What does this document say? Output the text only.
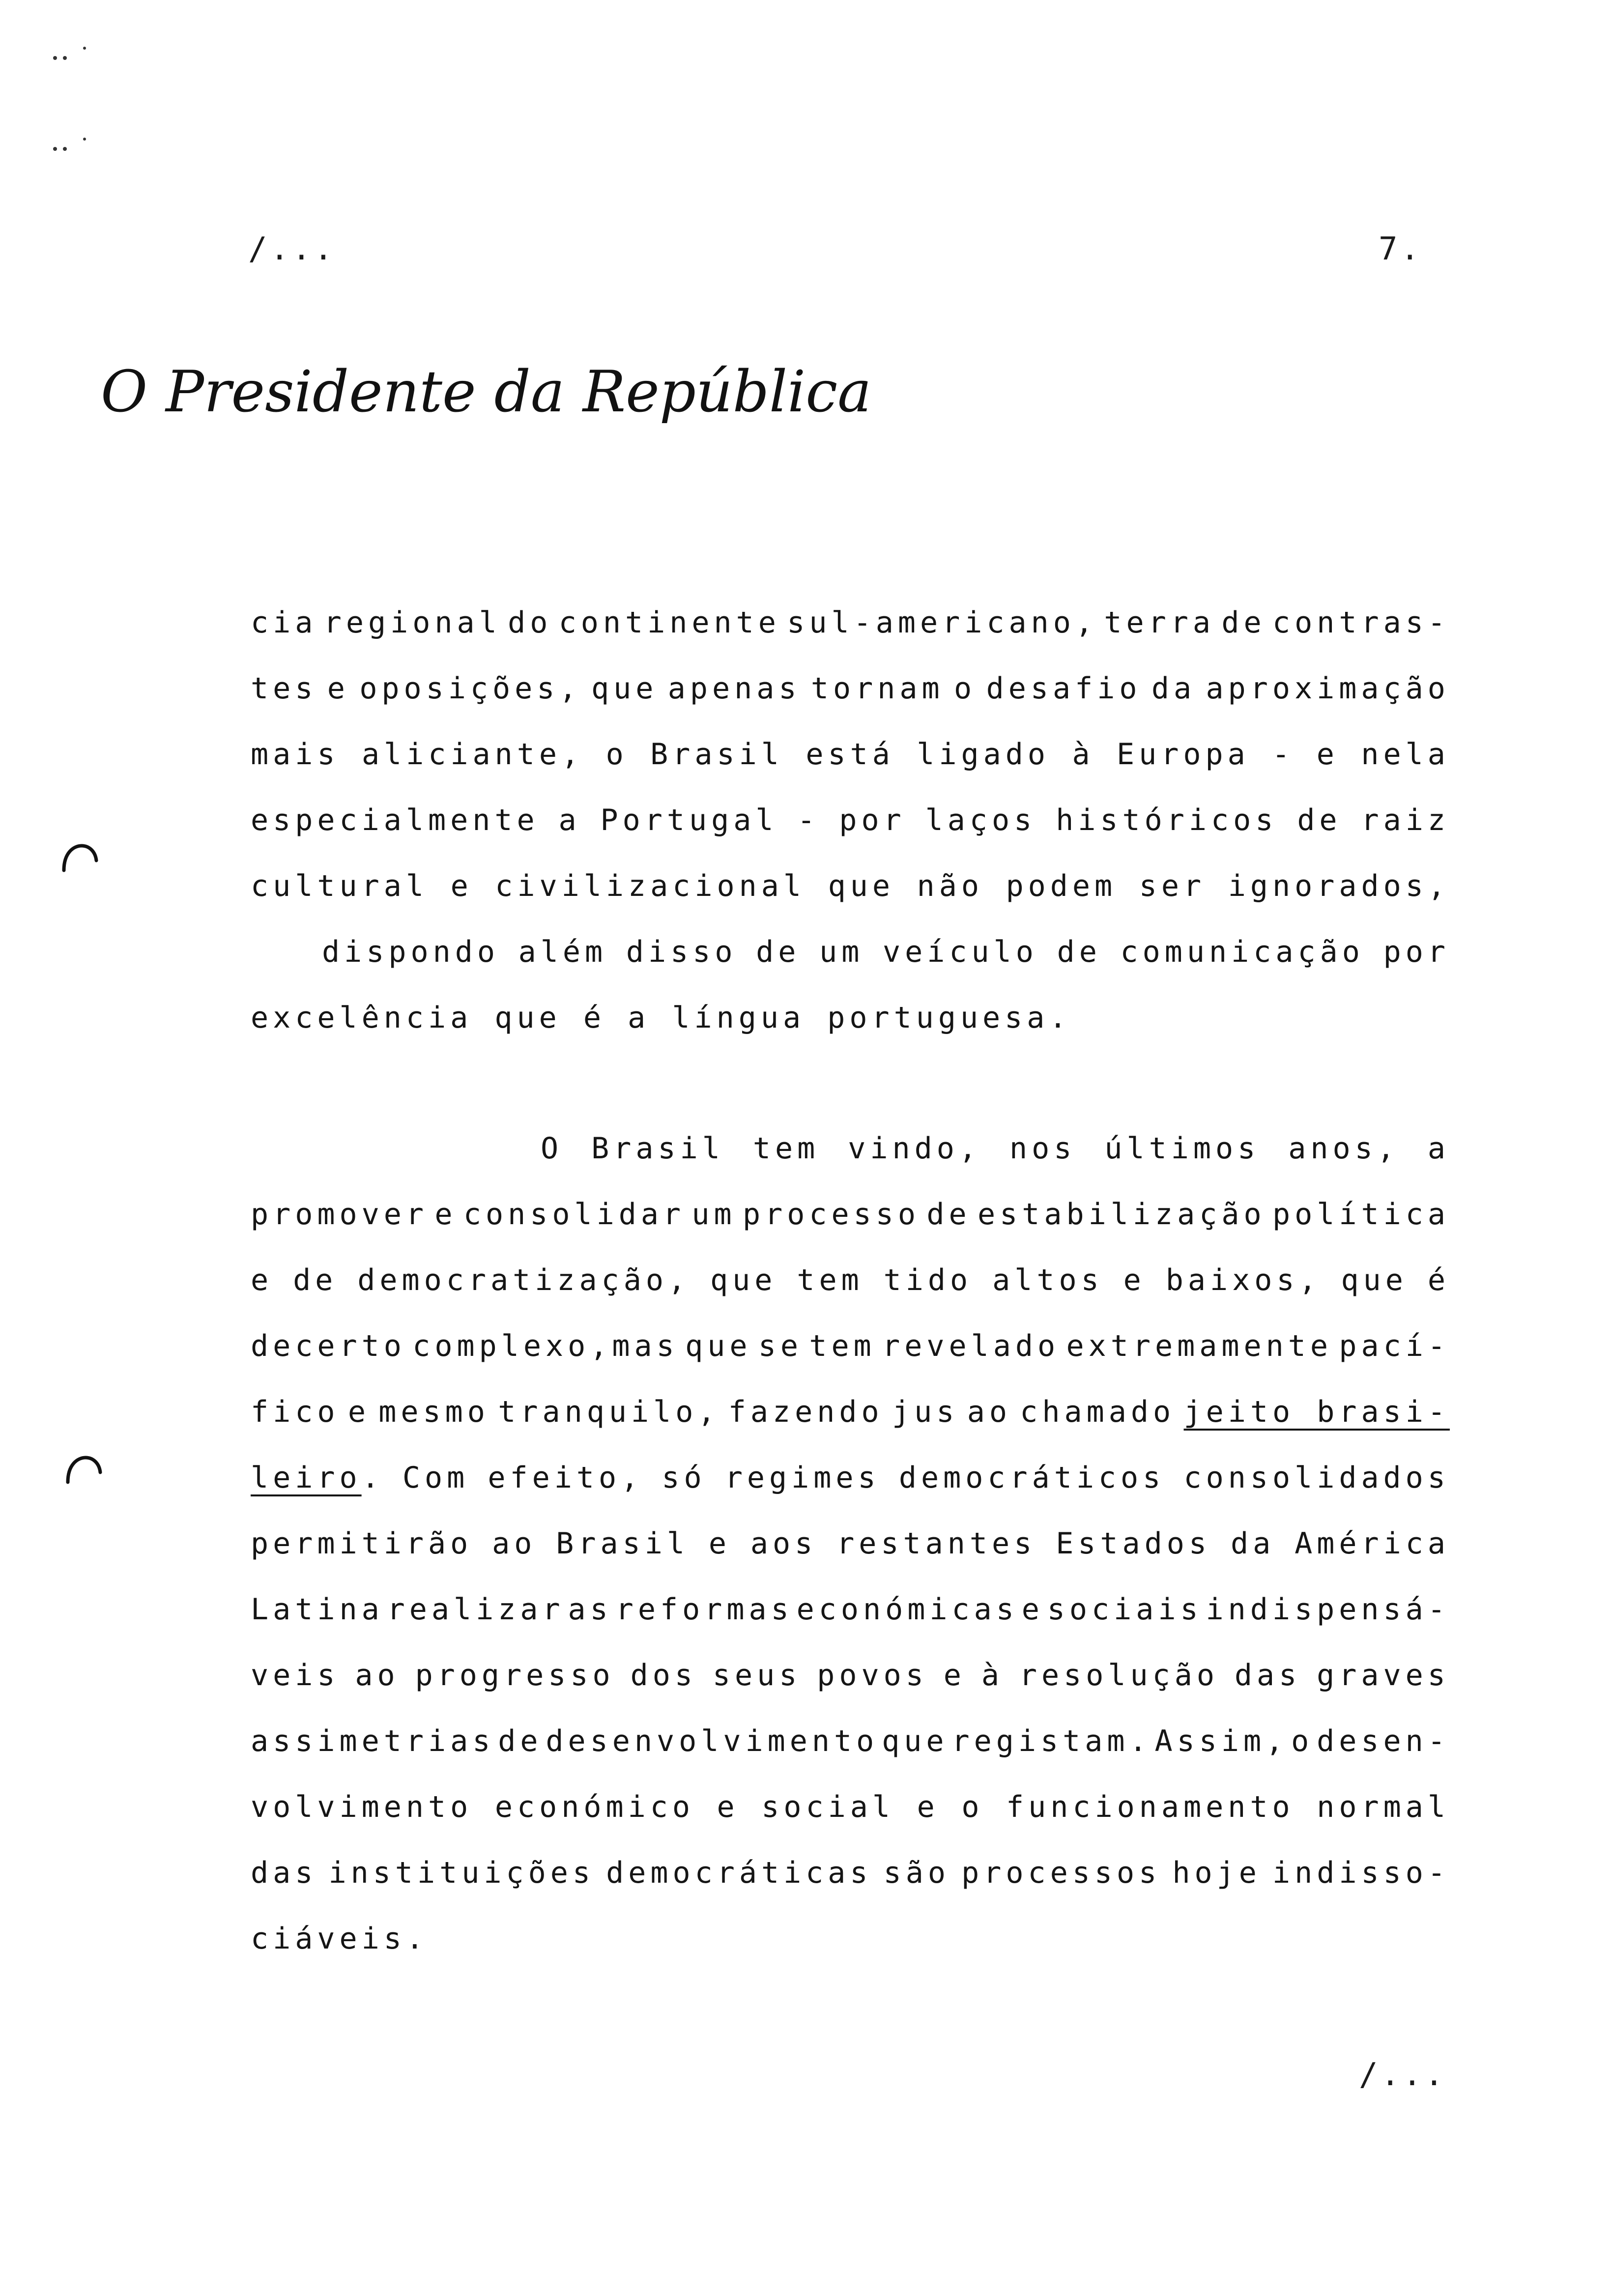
/...	7.
O Presidente da República
cia regional do continente sul-americano, terra de contras-
tes e oposições, que apenas tornam o desafio da aproximação
mais aliciante, o Brasil está ligado à Europa - e nela
especialmente a Portugal - por laços históricos de raiz
cultural e civilizacional que não podem ser ignorados,
dispondo além disso de um veículo de comunicação por
excelência que é a língua portuguesa.
O Brasil tem vindo, nos últimos anos, a
promover e consolidar um processo de estabilização política
e de democratização, que tem tido altos e baixos, que é
decerto complexo,mas que se tem revelado extremamente pací-
fico e mesmo tranquilo, fazendo jus ao chamado jeito brasi-
leiro. Com efeito, só regimes democráticos consolidados
permitirão ao Brasil e aos restantes Estados da América
Latina realizar as reformas económicas e sociais indispensá-
veis ao progresso dos seus povos e à resolução das graves
assimetrias de desenvolvimento que registam. Assim, o desen-
volvimento económico e social e o funcionamento normal
das instituições democráticas são processos hoje indisso-
ciáveis.
/...
